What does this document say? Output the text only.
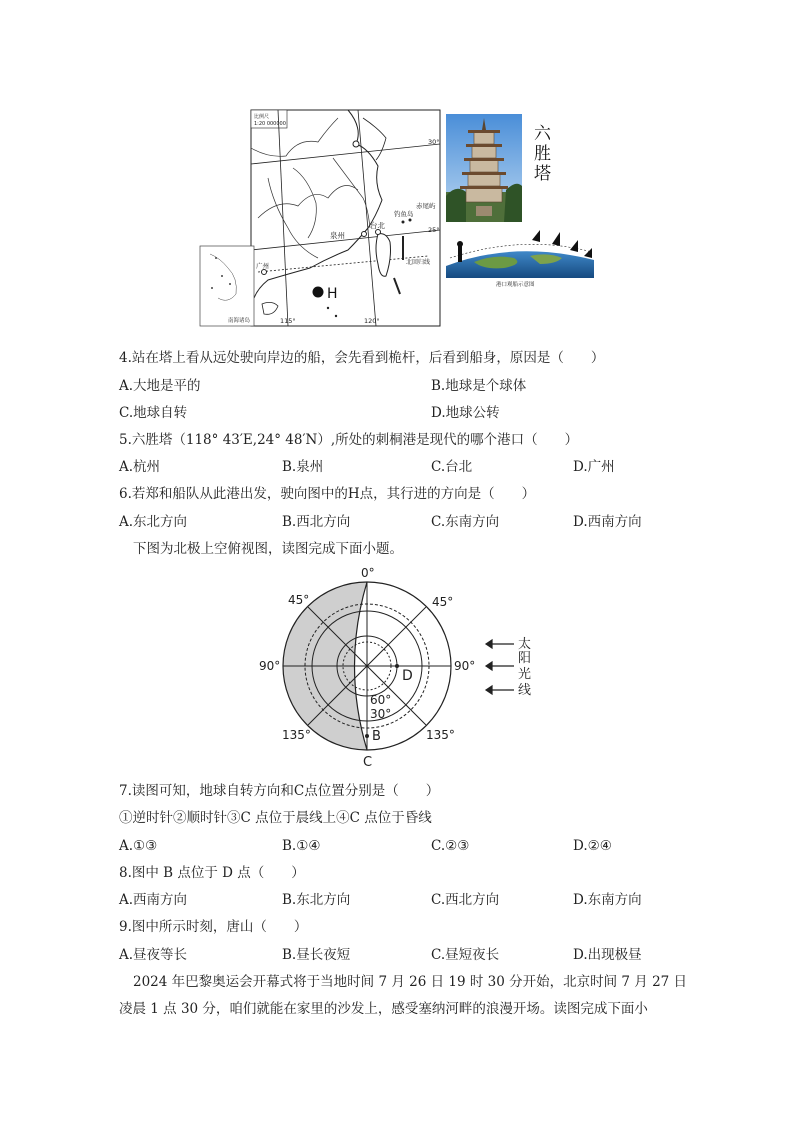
比例尺
1:20 000000
30°
25°
115°	120°
泉州
台北
广州
赤尾屿
钓鱼岛
北回归线
南海诸岛
H
六胜塔
港口观船示意图
4.站在塔上看从远处驶向岸边的船，会先看到桅杆，后看到船身，原因是（　　）
A.大地是平的	B.地球是个球体
C.地球自转	D.地球公转
5.六胜塔（118° 43′E,24° 48′N）,所处的刺桐港是现代的哪个港口（　　）
A.杭州	B.泉州	C.台北	D.广州
6.若郑和船队从此港出发，驶向图中的H点，其行进的方向是（　　）
A.东北方向	B.西北方向	C.东南方向	D.西南方向
下图为北极上空俯视图，读图完成下面小题。
0°
45°	45°
90°	90°
135°	135°
60°
30°
B
C
D
太
阳
光
线
7.读图可知，地球自转方向和C点位置分别是（　　）
①逆时针②顺时针③C 点位于晨线上④C 点位于昏线
A.①③	B.①④	C.②③	D.②④
8.图中 B 点位于 D 点（　　）
A.西南方向	B.东北方向	C.西北方向	D.东南方向
9.图中所示时刻，唐山（　　）
A.昼夜等长	B.昼长夜短	C.昼短夜长	D.出现极昼
2024 年巴黎奥运会开幕式将于当地时间 7 月 26 日 19 时 30 分开始，北京时间 7 月 27 日
凌晨 1 点 30 分，咱们就能在家里的沙发上，感受塞纳河畔的浪漫开场。读图完成下面小
